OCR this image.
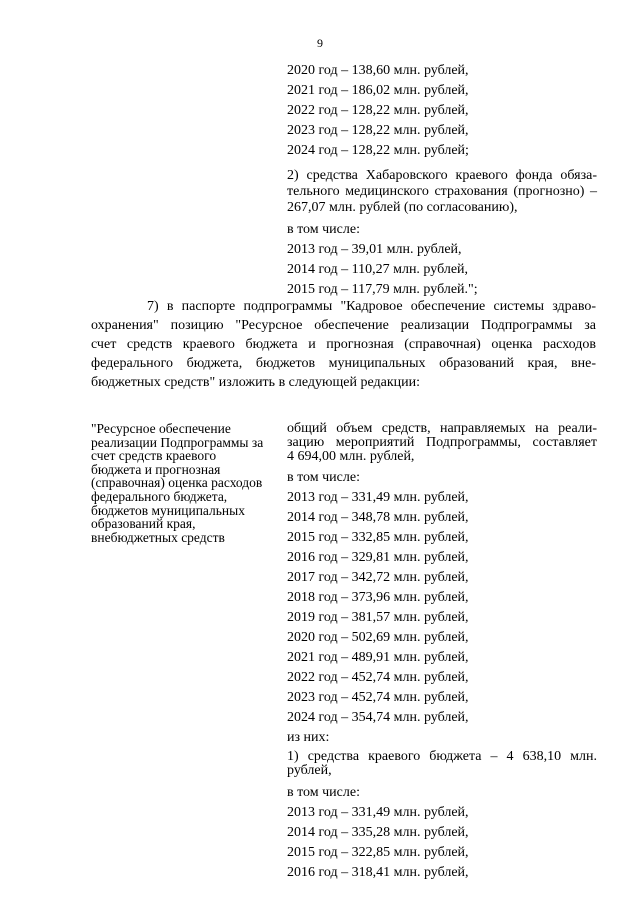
9
2020 год – 138,60 млн. рублей,
2021 год – 186,02 млн. рублей,
2022 год – 128,22 млн. рублей,
2023 год – 128,22 млн. рублей,
2024 год – 128,22 млн. рублей;
2) средства Хабаровского краевого фонда обяза-
тельного медицинского страхования (прогнозно) –
267,07 млн. рублей (по согласованию),
в том числе:
2013 год – 39,01 млн. рублей,
2014 год – 110,27 млн. рублей,
2015 год – 117,79 млн. рублей.";
7) в паспорте подпрограммы "Кадровое обеспечение системы здраво-
охранения" позицию "Ресурсное обеспечение реализации Подпрограммы за
счет средств краевого бюджета и прогнозная (справочная) оценка расходов
федерального бюджета, бюджетов муниципальных образований края, вне-
бюджетных средств" изложить в следующей редакции:
"Ресурсное обеспечение реализации Подпрограммы за счет средств краевого бюджета и прогнозная (справочная) оценка расходов федерального бюджета, бюджетов муниципальных образований края, внебюджетных средств
общий объем средств, направляемых на реали-
зацию мероприятий Подпрограммы, составляет
4 694,00 млн. рублей,
в том числе:
2013 год – 331,49 млн. рублей,
2014 год – 348,78 млн. рублей,
2015 год – 332,85 млн. рублей,
2016 год – 329,81 млн. рублей,
2017 год – 342,72 млн. рублей,
2018 год – 373,96 млн. рублей,
2019 год – 381,57 млн. рублей,
2020 год – 502,69 млн. рублей,
2021 год – 489,91 млн. рублей,
2022 год – 452,74 млн. рублей,
2023 год – 452,74 млн. рублей,
2024 год – 354,74 млн. рублей,
из них:
1) средства краевого бюджета – 4 638,10 млн.
рублей,
в том числе:
2013 год – 331,49 млн. рублей,
2014 год – 335,28 млн. рублей,
2015 год – 322,85 млн. рублей,
2016 год – 318,41 млн. рублей,
